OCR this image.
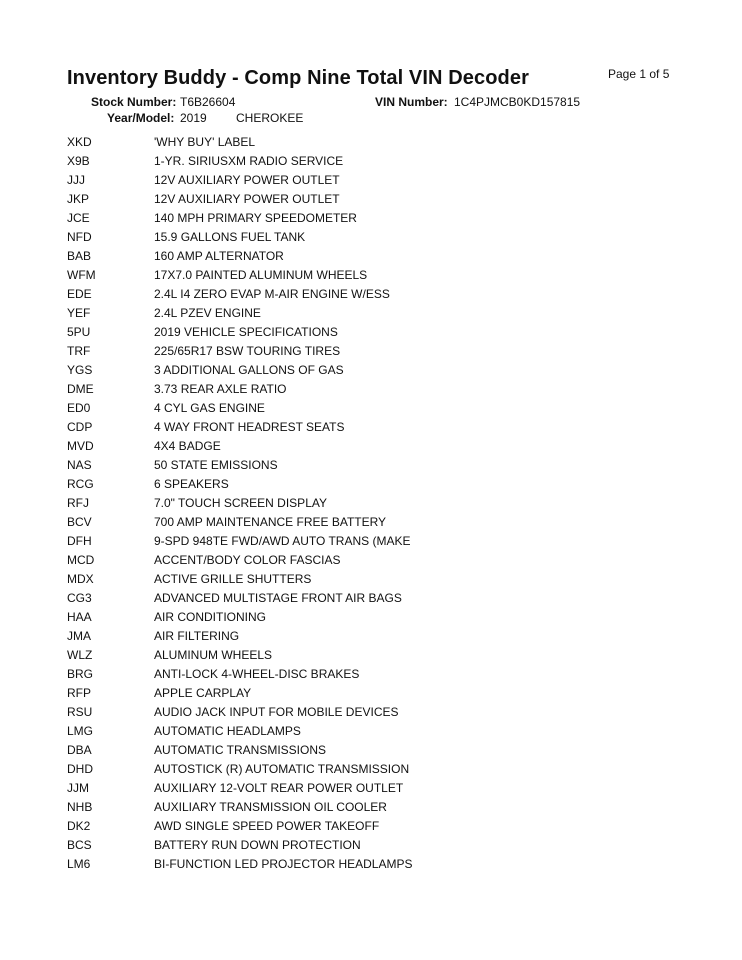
Inventory Buddy - Comp Nine Total VIN Decoder	Page 1 of 5
Stock Number: T6B26604	VIN Number: 1C4PJMCB0KD157815
Year/Model: 2019 CHEROKEE
XKD	'WHY BUY' LABEL
X9B	1-YR. SIRIUSXM RADIO SERVICE
JJJ	12V AUXILIARY POWER OUTLET
JKP	12V AUXILIARY POWER OUTLET
JCE	140 MPH PRIMARY SPEEDOMETER
NFD	15.9 GALLONS FUEL TANK
BAB	160 AMP ALTERNATOR
WFM	17X7.0 PAINTED ALUMINUM WHEELS
EDE	2.4L I4 ZERO EVAP M-AIR ENGINE W/ESS
YEF	2.4L PZEV ENGINE
5PU	2019 VEHICLE SPECIFICATIONS
TRF	225/65R17 BSW TOURING TIRES
YGS	3 ADDITIONAL GALLONS OF GAS
DME	3.73 REAR AXLE RATIO
ED0	4 CYL GAS ENGINE
CDP	4 WAY FRONT HEADREST SEATS
MVD	4X4 BADGE
NAS	50 STATE EMISSIONS
RCG	6 SPEAKERS
RFJ	7.0" TOUCH SCREEN DISPLAY
BCV	700 AMP MAINTENANCE FREE BATTERY
DFH	9-SPD 948TE FWD/AWD AUTO TRANS (MAKE
MCD	ACCENT/BODY COLOR FASCIAS
MDX	ACTIVE GRILLE SHUTTERS
CG3	ADVANCED MULTISTAGE FRONT AIR BAGS
HAA	AIR CONDITIONING
JMA	AIR FILTERING
WLZ	ALUMINUM WHEELS
BRG	ANTI-LOCK 4-WHEEL-DISC BRAKES
RFP	APPLE CARPLAY
RSU	AUDIO JACK INPUT FOR MOBILE DEVICES
LMG	AUTOMATIC HEADLAMPS
DBA	AUTOMATIC TRANSMISSIONS
DHD	AUTOSTICK (R) AUTOMATIC TRANSMISSION
JJM	AUXILIARY 12-VOLT REAR POWER OUTLET
NHB	AUXILIARY TRANSMISSION OIL COOLER
DK2	AWD SINGLE SPEED POWER TAKEOFF
BCS	BATTERY RUN DOWN PROTECTION
LM6	BI-FUNCTION LED PROJECTOR HEADLAMPS
